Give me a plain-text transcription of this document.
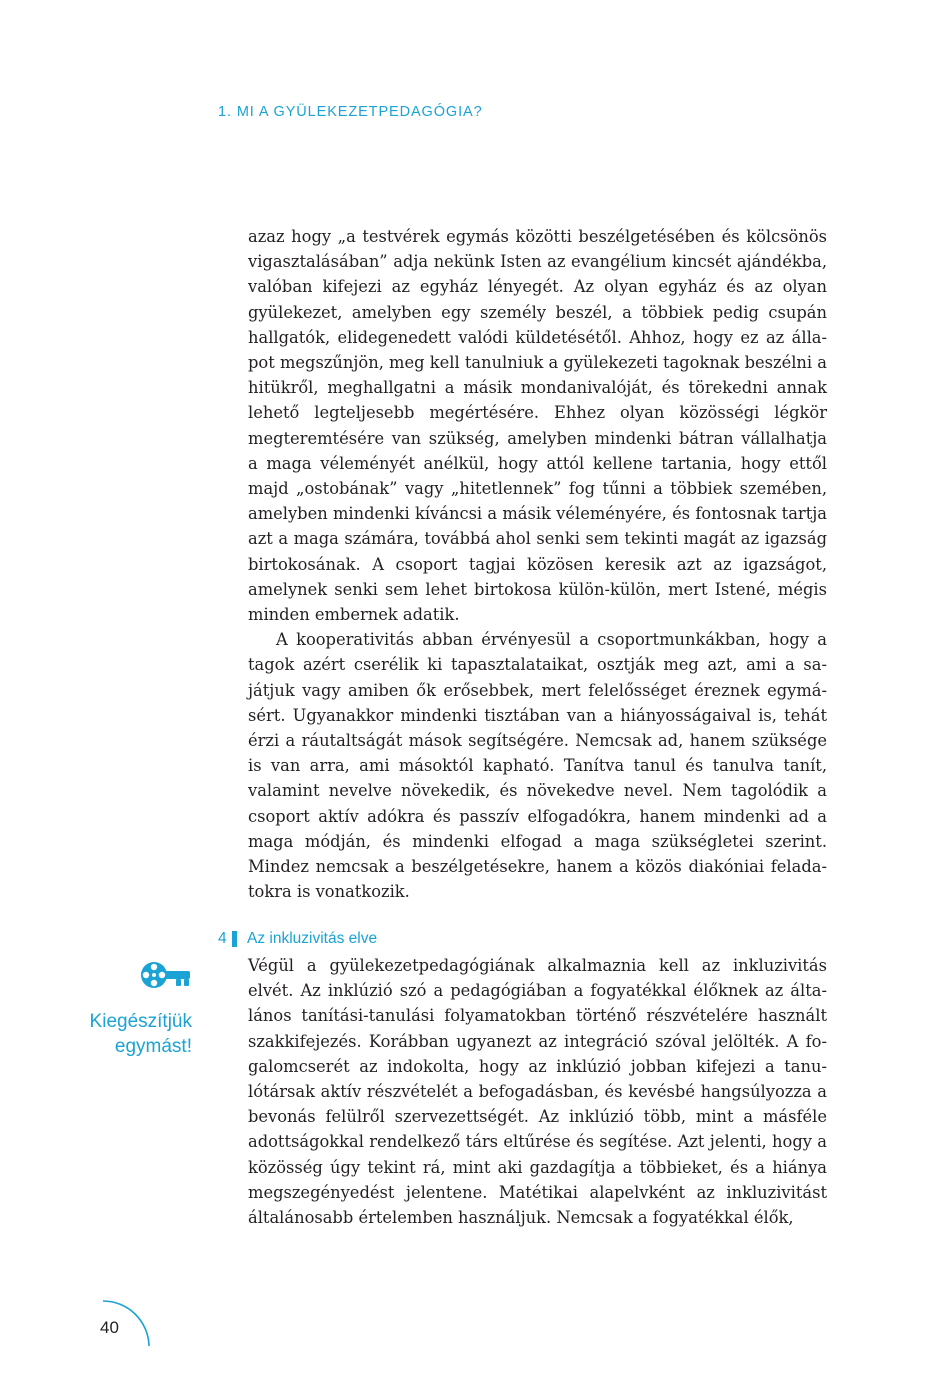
1. MI A GYÜLEKEZETPEDAGÓGIA?

azaz hogy „a testvérek egymás közötti beszélgetésében és kölcsönös vigasztalásában” adja nekünk Isten az evangélium kincsét ajándékba, valóban kifejezi az egyház lényegét. Az olyan egyház és az olyan gyülekezet, amelyben egy személy beszél, a többiek pedig csupán hallgatók, elidegenedett valódi küldetésétől. Ahhoz, hogy ez az állapot megszűnjön, meg kell tanulniuk a gyülekezeti tagoknak beszélni a hitükről, meghallgatni a másik mondanivalóját, és törekedni annak lehető legteljesebb megértésére. Ehhez olyan közösségi légkör megteremtésére van szükség, amelyben mindenki bátran vállalhatja a maga véleményét anélkül, hogy attól kellene tartania, hogy ettől majd „ostobának” vagy „hitetlennek” fog tűnni a többiek szemében, amelyben mindenki kíváncsi a másik véleményére, és fontosnak tartja azt a maga számára, továbbá ahol senki sem tekinti magát az igazság birtokosának. A csoport tagjai közösen keresik azt az igazságot, amelynek senki sem lehet birtokosa külön-külön, mert Istené, mégis minden embernek adatik.

A kooperativitás abban érvényesül a csoportmunkákban, hogy a tagok azért cserélik ki tapasztalataikat, osztják meg azt, ami a sajátjuk vagy amiben ők erősebbek, mert felelősséget éreznek egymásért. Ugyanakkor mindenki tisztában van a hiányosságaival is, tehát érzi a ráutaltságát mások segítségére. Nemcsak ad, hanem szüksége is van arra, ami másoktól kapható. Tanítva tanul és tanulva tanít, valamint nevelve növekedik, és növekedve nevel. Nem tagolódik a csoport aktív adókra és passzív elfogadókra, hanem mindenki ad a maga módján, és mindenki elfogad a maga szükségletei szerint. Mindez nemcsak a beszélgetésekre, hanem a közös diakóniai feladatokra is vonatkozik.

4	Az inkluzivitás elve

Végül a gyülekezetpedagógiának alkalmaznia kell az inkluzivitás elvét. Az inklúzió szó a pedagógiában a fogyatékkal élőknek az általános tanítási-tanulási folyamatokban történő részvételére használt szakkifejezés. Korábban ugyanezt az integráció szóval jelölték. A fogalomcserét az indokolta, hogy az inklúzió jobban kifejezi a tanulótársak aktív részvételét a befogadásban, és kevésbé hangsúlyozza a bevonás felülről szervezettségét. Az inklúzió több, mint a másféle adottságokkal rendelkező társ eltűrése és segítése. Azt jelenti, hogy a közösség úgy tekint rá, mint aki gazdagítja a többieket, és a hiánya megszegényedést jelentene. Matétikai alapelvként az inkluzivitást általánosabb értelemben használjuk. Nemcsak a fogyatékkal élők,

Kiegészítjük
egymást!
40
